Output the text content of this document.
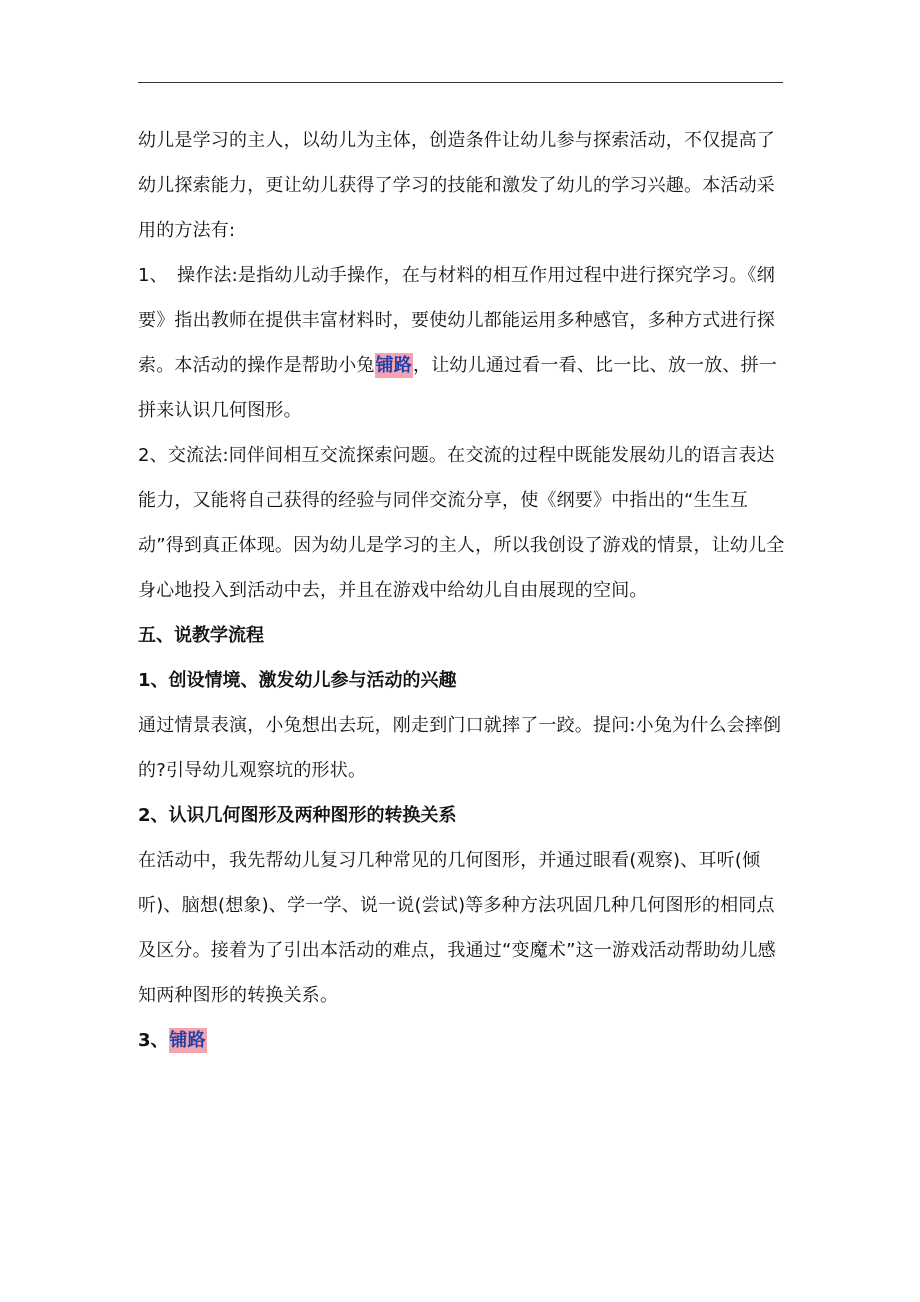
幼儿是学习的主人，以幼儿为主体，创造条件让幼儿参与探索活动，不仅提高了幼儿探索能力，更让幼儿获得了学习的技能和激发了幼儿的学习兴趣。本活动采用的方法有:

1、　操作法:是指幼儿动手操作，在与材料的相互作用过程中进行探究学习。《纲要》指出教师在提供丰富材料时，要使幼儿都能运用多种感官，多种方式进行探索。本活动的操作是帮助小兔铺路，让幼儿通过看一看、比一比、放一放、拼一拼来认识几何图形。

2、交流法:同伴间相互交流探索问题。在交流的过程中既能发展幼儿的语言表达能力，又能将自己获得的经验与同伴交流分享，使《纲要》中指出的“生生互动”得到真正体现。因为幼儿是学习的主人，所以我创设了游戏的情景，让幼儿全身心地投入到活动中去，并且在游戏中给幼儿自由展现的空间。

五、说教学流程

1、创设情境、激发幼儿参与活动的兴趣

通过情景表演，小兔想出去玩，刚走到门口就摔了一跤。提问:小兔为什么会摔倒的?引导幼儿观察坑的形状。

2、认识几何图形及两种图形的转换关系

在活动中，我先帮幼儿复习几种常见的几何图形，并通过眼看(观察)、耳听(倾听)、脑想(想象)、学一学、说一说(尝试)等多种方法巩固几种几何图形的相同点及区分。接着为了引出本活动的难点，我通过“变魔术”这一游戏活动帮助幼儿感知两种图形的转换关系。

3、铺路
